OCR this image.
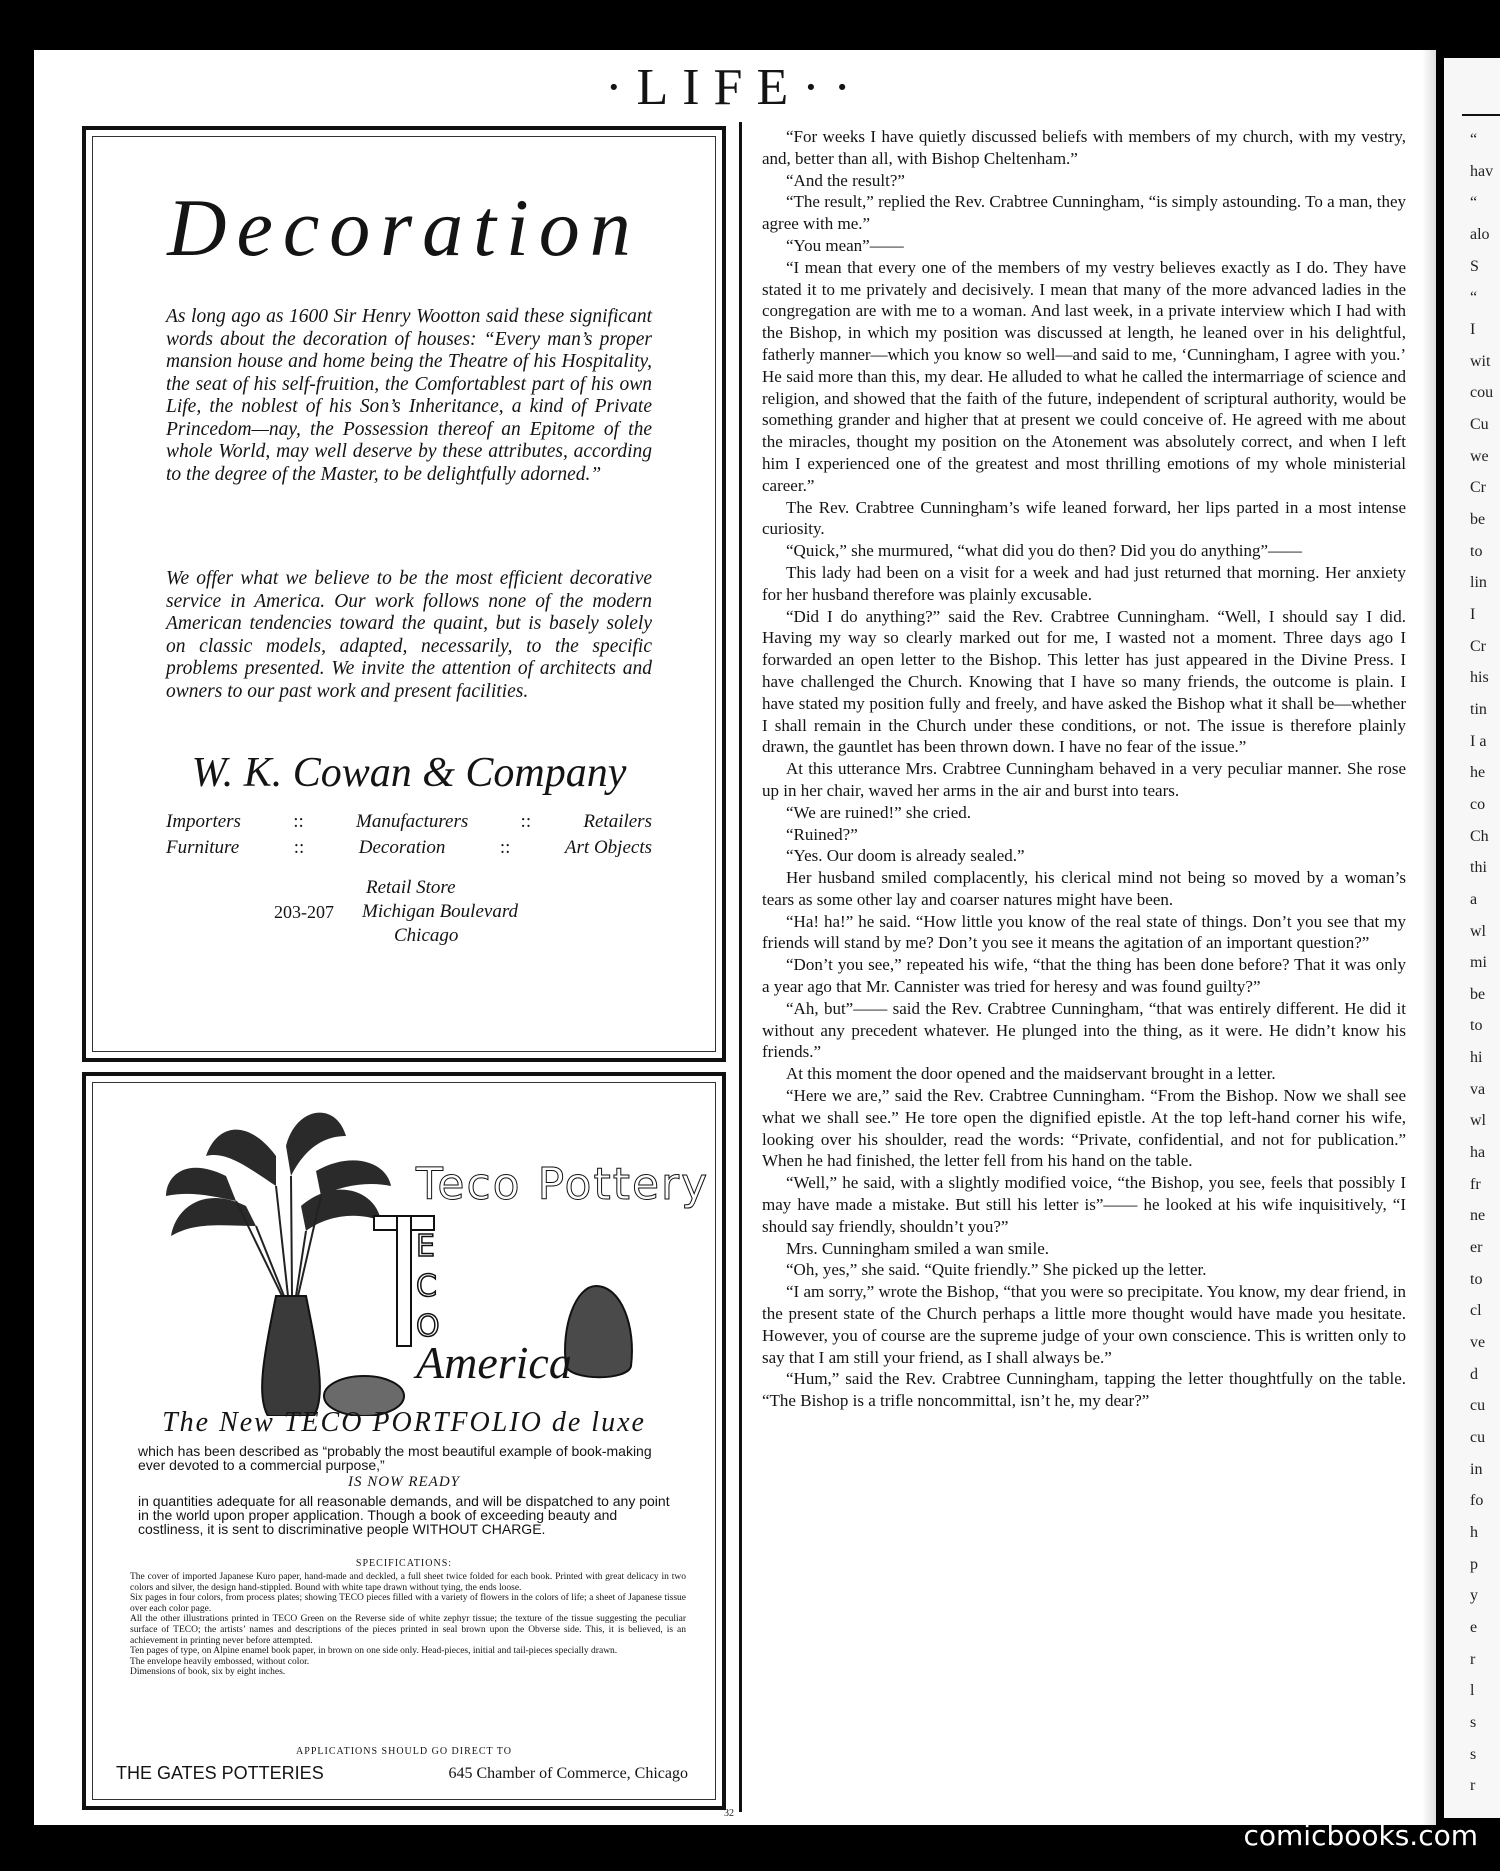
·LIFE··
Decoration
As long ago as 1600 Sir Henry Wootton said these significant words about the decoration of houses: “Every man’s proper mansion house and home being the Theatre of his Hospitality, the seat of his self-fruition, the Comfortablest part of his own Life, the noblest of his Son’s Inheritance, a kind of Private Princedom—nay, the Possession thereof an Epitome of the whole World, may well deserve by these attributes, according to the degree of the Master, to be delightfully adorned.”
We offer what we believe to be the most efficient decorative service in America. Our work follows none of the modern American tendencies toward the quaint, but is basely solely on classic models, adapted, necessarily, to the specific problems presented. We invite the attention of architects and owners to our past work and present facilities.
W. K. Cowan & Company
Importers	::	Manufacturers	::	Retailers
Furniture	::	Decoration	::	Art Objects
Retail Store
203-207 Michigan Boulevard
Chicago
E
C
O
Teco Pottery
America
The New TECO PORTFOLIO de luxe
which has been described as “probably the most beautiful example of book-making ever devoted to a commercial purpose,”
IS NOW READY
in quantities adequate for all reasonable demands, and will be dispatched to any point in the world upon proper application. Though a book of exceeding beauty and costliness, it is sent to discriminative people WITHOUT CHARGE.
SPECIFICATIONS:

The cover of imported Japanese Kuro paper, hand-made and deckled, a full sheet twice folded for each book. Printed with great delicacy in two colors and silver, the design hand-stippled. Bound with white tape drawn without tying, the ends loose.

Six pages in four colors, from process plates; showing TECO pieces filled with a variety of flowers in the colors of life; a sheet of Japanese tissue over each color page.

All the other illustrations printed in TECO Green on the Reverse side of white zephyr tissue; the texture of the tissue suggesting the peculiar surface of TECO; the artists’ names and descriptions of the pieces printed in seal brown upon the Obverse side. This, it is believed, is an achievement in printing never before attempted.

Ten pages of type, on Alpine enamel book paper, in brown on one side only. Head-pieces, initial and tail-pieces specially drawn.

The envelope heavily embossed, without color.

Dimensions of book, six by eight inches.

APPLICATIONS SHOULD GO DIRECT TO
THE GATES POTTERIES	645 Chamber of Commerce, Chicago

“For weeks I have quietly discussed beliefs with members of my church, with my vestry, and, better than all, with Bishop Cheltenham.”

“And the result?”

“The result,” replied the Rev. Crabtree Cunningham, “is simply astounding. To a man, they agree with me.”

“You mean”——

“I mean that every one of the members of my vestry believes exactly as I do. They have stated it to me privately and decisively. I mean that many of the more advanced ladies in the congregation are with me to a woman. And last week, in a private interview which I had with the Bishop, in which my position was discussed at length, he leaned over in his delightful, fatherly manner—which you know so well—and said to me, ‘Cunningham, I agree with you.’ He said more than this, my dear. He alluded to what he called the intermarriage of science and religion, and showed that the faith of the future, independent of scriptural authority, would be something grander and higher that at present we could conceive of. He agreed with me about the miracles, thought my position on the Atonement was absolutely correct, and when I left him I experienced one of the greatest and most thrilling emotions of my whole ministerial career.”

The Rev. Crabtree Cunningham’s wife leaned forward, her lips parted in a most intense curiosity.

“Quick,” she murmured, “what did you do then? Did you do anything”——

This lady had been on a visit for a week and had just returned that morning. Her anxiety for her husband therefore was plainly excusable.

“Did I do anything?” said the Rev. Crabtree Cunningham. “Well, I should say I did. Having my way so clearly marked out for me, I wasted not a moment. Three days ago I forwarded an open letter to the Bishop. This letter has just appeared in the Divine Press. I have challenged the Church. Knowing that I have so many friends, the outcome is plain. I have stated my position fully and freely, and have asked the Bishop what it shall be—whether I shall remain in the Church under these conditions, or not. The issue is therefore plainly drawn, the gauntlet has been thrown down. I have no fear of the issue.”

At this utterance Mrs. Crabtree Cunningham behaved in a very peculiar manner. She rose up in her chair, waved her arms in the air and burst into tears.

“We are ruined!” she cried.

“Ruined?”

“Yes. Our doom is already sealed.”

Her husband smiled complacently, his clerical mind not being so moved by a woman’s tears as some other lay and coarser natures might have been.

“Ha! ha!” he said. “How little you know of the real state of things. Don’t you see that my friends will stand by me? Don’t you see it means the agitation of an important question?”

“Don’t you see,” repeated his wife, “that the thing has been done before? That it was only a year ago that Mr. Cannister was tried for heresy and was found guilty?”

“Ah, but”—— said the Rev. Crabtree Cunningham, “that was entirely different. He did it without any precedent whatever. He plunged into the thing, as it were. He didn’t know his friends.”

At this moment the door opened and the maidservant brought in a letter.

“Here we are,” said the Rev. Crabtree Cunningham. “From the Bishop. Now we shall see what we shall see.” He tore open the dignified epistle. At the top left-hand corner his wife, looking over his shoulder, read the words: “Private, confidential, and not for publication.” When he had finished, the letter fell from his hand on the table.

“Well,” he said, with a slightly modified voice, “the Bishop, you see, feels that possibly I may have made a mistake. But still his letter is”—— he looked at his wife inquisitively, “I should say friendly, shouldn’t you?”

Mrs. Cunningham smiled a wan smile.

“Oh, yes,” she said. “Quite friendly.” She picked up the letter.

“I am sorry,” wrote the Bishop, “that you were so precipitate. You know, my dear friend, in the present state of the Church perhaps a little more thought would have made you hesitate. However, you of course are the supreme judge of your own conscience. This is written only to say that I am still your friend, as I shall always be.”

“Hum,” said the Rev. Crabtree Cunningham, tapping the letter thoughtfully on the table. “The Bishop is a trifle noncommittal, isn’t he, my dear?”

32
“
hav
“
alo
S
“
I
wit
cou
Cu
we
Cr
be
to
lin
I
Cr
his
tin
I a
he
co
Ch
thi
a
wl
mi
be
to
hi
va
wl
ha
fr
ne
er
to
cl
ve
d
cu
cu
in
fo
h
p
y
e
r
l
s
s
r
comicbooks.com
